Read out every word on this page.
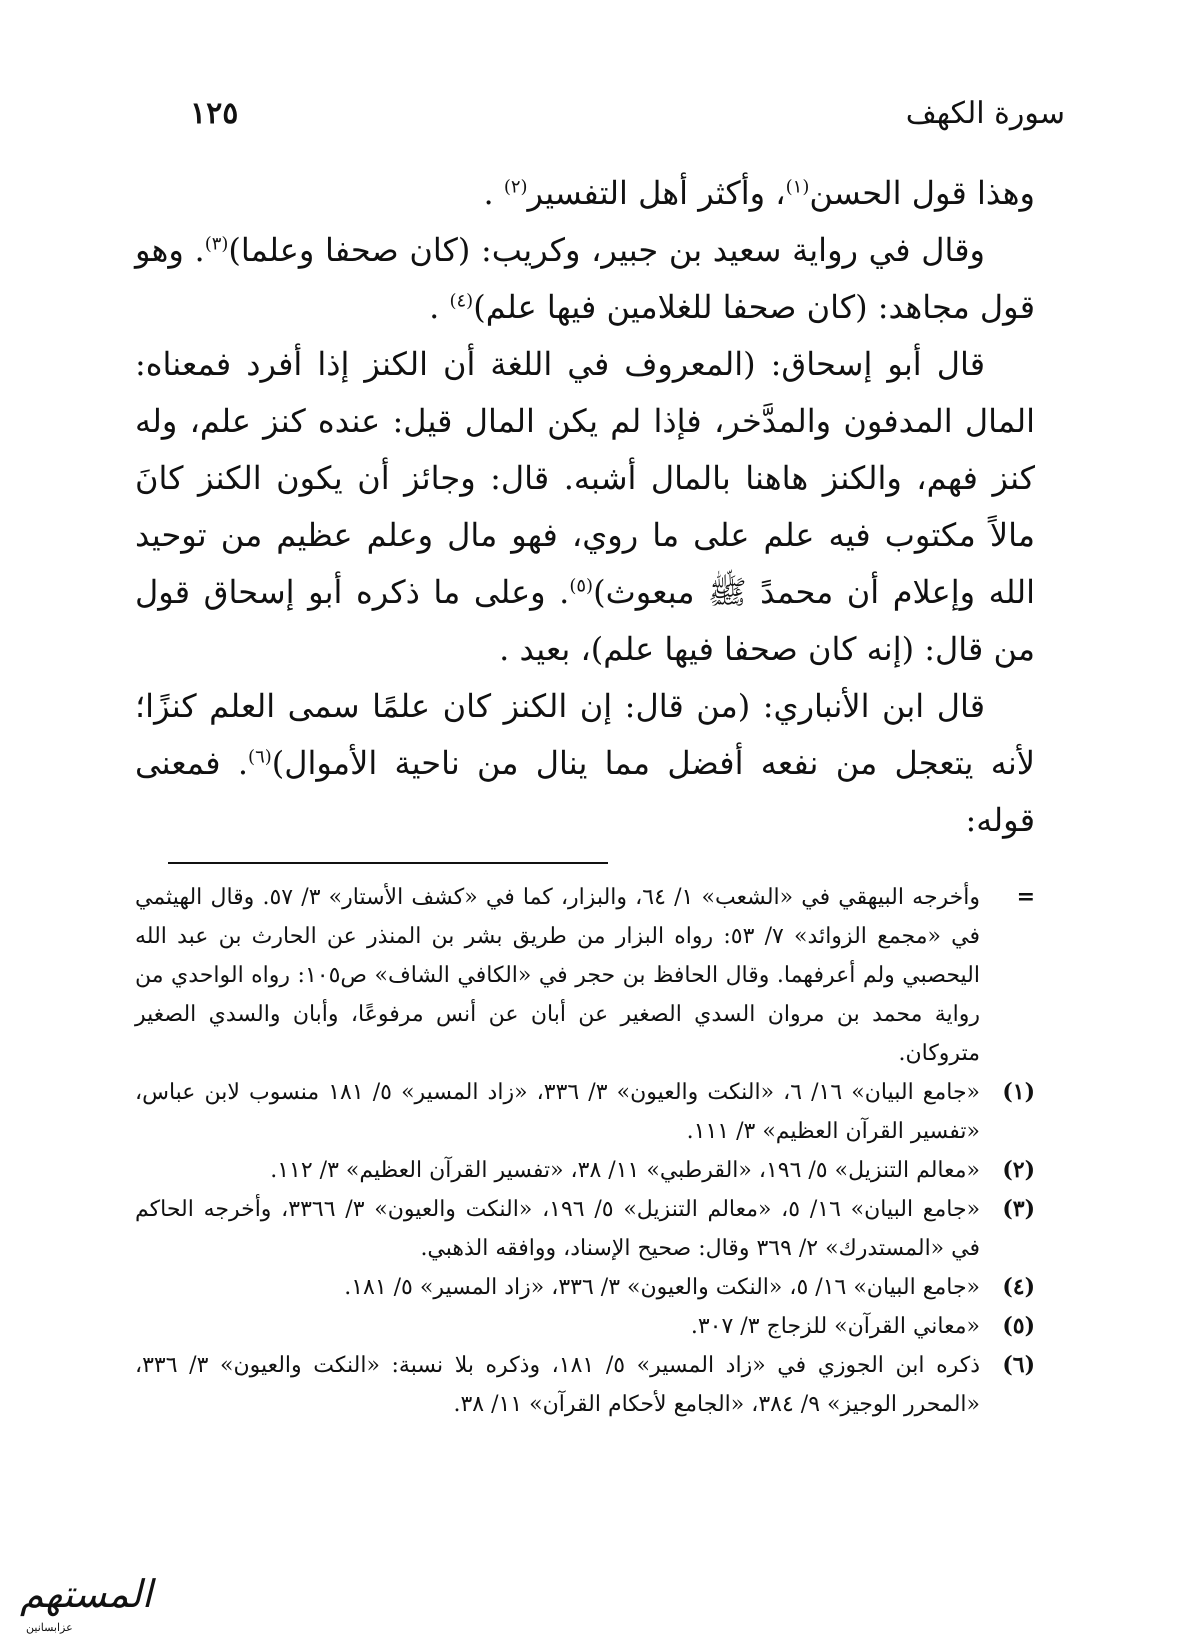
سورة الكهف
١٢٥

وهذا قول الحسن$^{(١)}$، وأكثر أهل التفسير$^{(٢)}$ .

وقال في رواية سعيد بن جبير، وكريب: (كان صحفا وعلما)$^{(٣)}$. وهو قول مجاهد: (كان صحفا للغلامين فيها علم)$^{(٤)}$ .

قال أبو إسحاق: (المعروف في اللغة أن الكنز إذا أفرد فمعناه: المال المدفون والمدَّخر، فإذا لم يكن المال قيل: عنده كنز علم، وله كنز فهم، والكنز هاهنا بالمال أشبه. قال: وجائز أن يكون الكنز كانَ مالاً مكتوب فيه علم على ما روي، فهو مال وعلم عظيم من توحيد الله وإعلام أن محمدً ﷺ مبعوث)$^{(٥)}$. وعلى ما ذكره أبو إسحاق قول من قال: (إنه كان صحفا فيها علم)، بعيد .

قال ابن الأنباري: (من قال: إن الكنز كان علمًا سمى العلم كنزًا؛ لأنه يتعجل من نفعه أفضل مما ينال من ناحية الأموال)$^{(٦)}$. فمعنى قوله:

=
وأخرجه البيهقي في «الشعب» ١/ ٦٤، والبزار، كما في «كشف الأستار» ٣/ ٥٧. وقال الهيثمي في «مجمع الزوائد» ٧/ ٥٣: رواه البزار من طريق بشر بن المنذر عن الحارث بن عبد الله اليحصبي ولم أعرفهما. وقال الحافظ بن حجر في «الكافي الشاف» ص١٠٥: رواه الواحدي من رواية محمد بن مروان السدي الصغير عن أبان عن أنس مرفوعًا، وأبان والسدي الصغير متروكان.
(١)
«جامع البيان» ١٦/ ٦، «النكت والعيون» ٣/ ٣٣٦، «زاد المسير» ٥/ ١٨١ منسوب لابن عباس، «تفسير القرآن العظيم» ٣/ ١١١.
(٢)
«معالم التنزيل» ٥/ ١٩٦، «القرطبي» ١١/ ٣٨، «تفسير القرآن العظيم» ٣/ ١١٢.
(٣)
«جامع البيان» ١٦/ ٥، «معالم التنزيل» ٥/ ١٩٦، «النكت والعيون» ٣/ ٣٣٦٦، وأخرجه الحاكم في «المستدرك» ٢/ ٣٦٩ وقال: صحيح الإسناد، ووافقه الذهبي.
(٤)
«جامع البيان» ١٦/ ٥، «النكت والعيون» ٣/ ٣٣٦، «زاد المسير» ٥/ ١٨١.
(٥)
«معاني القرآن» للزجاج ٣/ ٣٠٧.
(٦)
ذكره ابن الجوزي في «زاد المسير» ٥/ ١٨١، وذكره بلا نسبة: «النكت والعيون» ٣/ ٣٣٦، «المحرر الوجيز» ٩/ ٣٨٤، «الجامع لأحكام القرآن» ١١/ ٣٨.
المستهم
عزابسانين
